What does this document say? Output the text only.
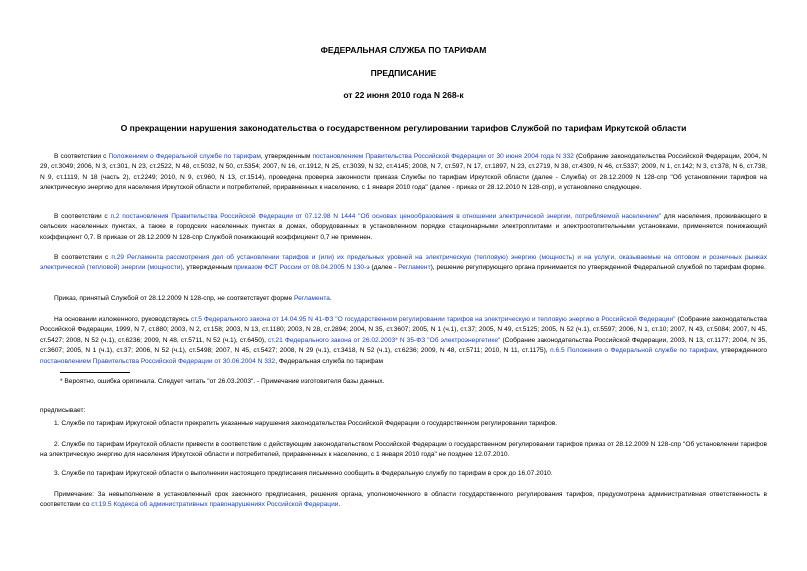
ФЕДЕРАЛЬНАЯ СЛУЖБА ПО ТАРИФАМ
ПРЕДПИСАНИЕ
от 22 июня 2010 года N 268-к
О прекращении нарушения законодательства о государственном регулировании тарифов Службой по тарифам Иркутской области

В соответствии с Положением о Федеральной службе по тарифам, утвержденным постановлением Правительства Российской Федерации от 30 июня 2004 года N 332 (Собрание законодательства Российской Федерации, 2004, N 29, ст.3049; 2006, N 3, ст.301, N 23, ст.2522, N 48, ст.5032, N 50, ст.5354; 2007, N 16, ст.1912, N 25, ст.3039, N 32, ст.4145; 2008, N 7, ст.597, N 17, ст.1897, N 23, ст.2719, N 38, ст.4309, N 46, ст.5337; 2009, N 1, ст.142; N 3, ст.378, N 6, ст.738, N 9, ст.1119, N 18 (часть 2), ст.2249; 2010, N 9, ст.960, N 13, ст.1514), проведена проверка законности приказа Службы по тарифам Иркутской области (далее - Служба) от 28.12.2009 N 128-спр "Об установлении тарифов на электрическую энергию для населения Иркутской области и потребителей, приравненных к населению, с 1 января 2010 года" (далее - приказ от 28.12.2010 N 128-спр), и установлено следующее.

В соответствии с п.2 постановления Правительства Российской Федерации от 07.12.98 N 1444 "Об основах ценообразования в отношении электрической энергии, потребляемой населением" для населения, проживающего в сельских населенных пунктах, а также в городских населенных пунктах в домах, оборудованных в установленном порядке стационарными электроплитами и электроотопительными установками, применяется понижающий коэффициент 0,7. В приказе от 28.12.2009 N 128-спр Службой понижающий коэффициент 0,7 не применен.

В соответствии с п.29 Регламента рассмотрения дел об установлении тарифов и (или) их предельных уровней на электрическую (тепловую) энергию (мощность) и на услуги, оказываемые на оптовом и розничных рынках электрической (тепловой) энергии (мощности), утвержденным приказом ФСТ России от 08.04.2005 N 130-э (далее - Регламент), решение регулирующего органа принимается по утвержденной Федеральной службой по тарифам форме.

Приказ, принятый Службой от 28.12.2009 N 128-спр, не соответствует форме Регламента.

На основании изложенного, руководствуясь ст.5 Федерального закона от 14.04.95 N 41-ФЗ "О государственном регулировании тарифов на электрическую и тепловую энергию в Российской Федерации" (Собрание законодательства Российской Федерации, 1999, N 7, ст.880; 2003, N 2, ст.158; 2003, N 13, ст.1180; 2003, N 28, ст.2894; 2004, N 35, ст.3607; 2005, N 1 (ч.1), ст.37; 2005, N 49, ст.5125; 2005, N 52 (ч.1), ст.5597; 2006, N 1, ст.10; 2007, N 43, ст.5084; 2007, N 45, ст.5427; 2008, N 52 (ч.1), ст.6236; 2009, N 48, ст.5711, N 52 (ч.1), ст.6450), ст.21 Федерального закона от 26.02.2003* N 35-ФЗ "Об электроэнергетике" (Собрание законодательства Российской Федерации, 2003, N 13, ст.1177; 2004, N 35, ст.3607; 2005, N 1 (ч.1), ст.37; 2006, N 52 (ч.1), ст.5498; 2007, N 45, ст.5427; 2008, N 29 (ч.1), ст.3418, N 52 (ч.1), ст.6236; 2009, N 48, ст.5711; 2010, N 11, ст.1175), п.6.5 Положения о Федеральной службе по тарифам, утвержденного постановлением Правительства Российской Федерации от 30.06.2004 N 332, Федеральная служба по тарифам

* Вероятно, ошибка оригинала. Следует читать "от 26.03.2003". - Примечание изготовителя базы данных.

предписывает:

1. Службе по тарифам Иркутской области прекратить указанные нарушения законодательства Российской Федерации о государственном регулировании тарифов.

2. Службе по тарифам Иркутской области привести в соответствие с действующим законодательством Российской Федерации о государственном регулировании тарифов приказ от 28.12.2009 N 128-спр "Об установлении тарифов на электрическую энергию для населения Иркутской области и потребителей, приравненных к населению, с 1 января 2010 года" не позднее 12.07.2010.

3. Службе по тарифам Иркутской области о выполнении настоящего предписания письменно сообщить в Федеральную службу по тарифам в срок до 16.07.2010.

Примечание: За невыполнение в установленный срок законного предписания, решения органа, уполномоченного в области государственного регулирования тарифов, предусмотрена административная ответственность в соответствии со ст.19.5 Кодекса об административных правонарушениях Российской Федерации.
